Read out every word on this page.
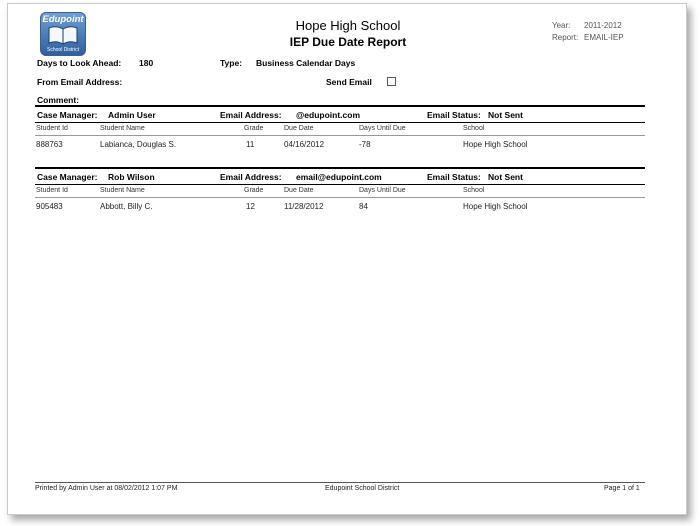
Edupoint
School District
Hope High School
IEP Due Date Report
Year: 2011-2012
Report: EMAIL-IEP
Days to Look Ahead: 180	Type: Business Calendar Days
From Email Address:	Send Email
Comment:
Case Manager: Admin User	Email Address: @edupoint.com	Email Status: Not Sent
Student Id	Student Name	Grade	Due Date	Days Until Due	School
888763	Labianca, Douglas S.	11	04/16/2012	-78	Hope High School
Case Manager: Rob Wilson	Email Address: email@edupoint.com	Email Status: Not Sent
Student Id	Student Name	Grade	Due Date	Days Until Due	School
905483	Abbott, Billy C.	12	11/28/2012	84	Hope High School
Printed by Admin User at 08/02/2012 1:07 PM	Edupoint School District	Page 1 of 1
